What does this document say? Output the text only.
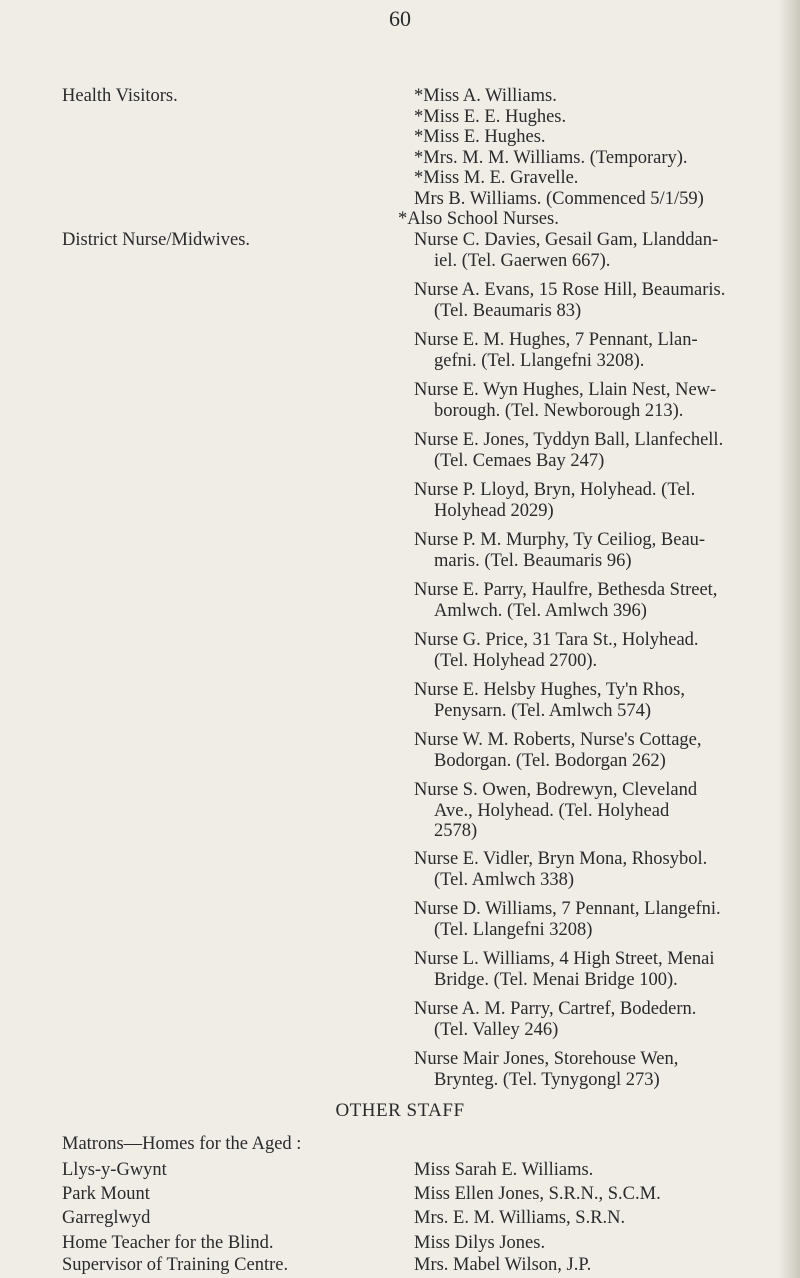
60
Health Visitors.	*Miss A. Williams.
*Miss E. E. Hughes.
*Miss E. Hughes.
*Mrs. M. M. Williams. (Temporary).
*Miss M. E. Gravelle.
Mrs B. Williams. (Commenced 5/1/59)
*Also School Nurses.
District Nurse/Midwives.	Nurse C. Davies, Gesail Gam, Llanddan-
iel. (Tel. Gaerwen 667).
Nurse A. Evans, 15 Rose Hill, Beaumaris.
(Tel. Beaumaris 83)
Nurse E. M. Hughes, 7 Pennant, Llan-
gefni. (Tel. Llangefni 3208).
Nurse E. Wyn Hughes, Llain Nest, New-
borough. (Tel. Newborough 213).
Nurse E. Jones, Tyddyn Ball, Llanfechell.
(Tel. Cemaes Bay 247)
Nurse P. Lloyd, Bryn, Holyhead. (Tel.
Holyhead 2029)
Nurse P. M. Murphy, Ty Ceiliog, Beau-
maris. (Tel. Beaumaris 96)
Nurse E. Parry, Haulfre, Bethesda Street,
Amlwch. (Tel. Amlwch 396)
Nurse G. Price, 31 Tara St., Holyhead.
(Tel. Holyhead 2700).
Nurse E. Helsby Hughes, Ty'n Rhos,
Penysarn. (Tel. Amlwch 574)
Nurse W. M. Roberts, Nurse's Cottage,
Bodorgan. (Tel. Bodorgan 262)
Nurse S. Owen, Bodrewyn, Cleveland
Ave., Holyhead. (Tel. Holyhead
2578)
Nurse E. Vidler, Bryn Mona, Rhosybol.
(Tel. Amlwch 338)
Nurse D. Williams, 7 Pennant, Llangefni.
(Tel. Llangefni 3208)
Nurse L. Williams, 4 High Street, Menai
Bridge. (Tel. Menai Bridge 100).
Nurse A. M. Parry, Cartref, Bodedern.
(Tel. Valley 246)
Nurse Mair Jones, Storehouse Wen,
Brynteg. (Tel. Tynygongl 273)
OTHER STAFF
Matrons—Homes for the Aged :
Llys-y-Gwynt	Miss Sarah E. Williams.
Park Mount	Miss Ellen Jones, S.R.N., S.C.M.
Garreglwyd	Mrs. E. M. Williams, S.R.N.
Home Teacher for the Blind.	Miss Dilys Jones.
Supervisor of Training Centre.	Mrs. Mabel Wilson, J.P.
